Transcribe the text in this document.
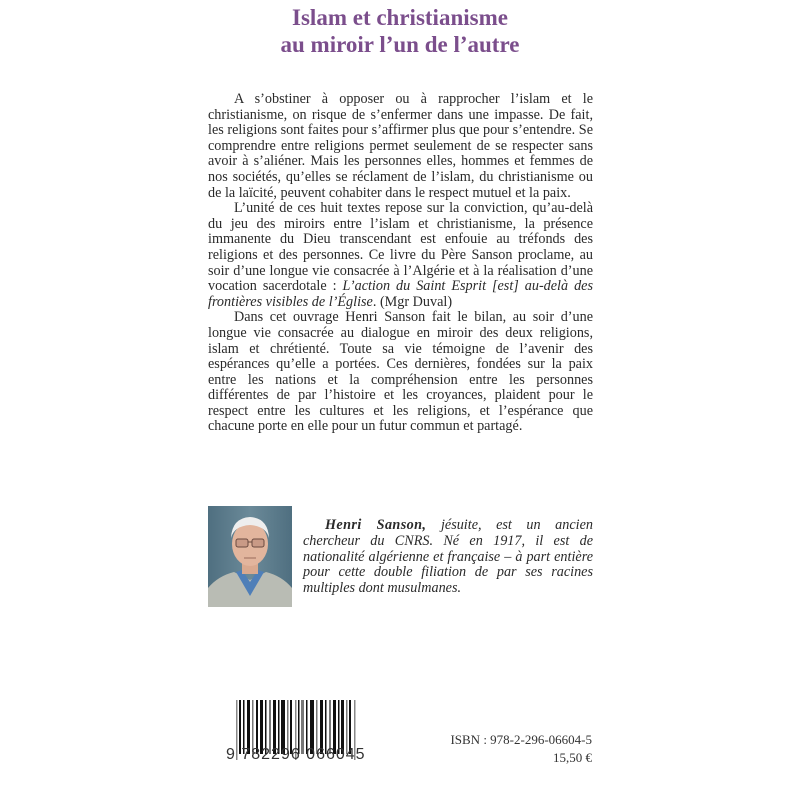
Islam et christianisme
au miroir l’un de l’autre

A s’obstiner à opposer ou à rapprocher l’islam et le christianisme, on risque de s’enfermer dans une impasse. De fait, les religions sont faites pour s’affirmer plus que pour s’entendre. Se comprendre entre religions permet seulement de se respecter sans avoir à s’aliéner. Mais les personnes elles, hommes et femmes de nos sociétés, qu’elles se réclament de l’islam, du christianisme ou de la laïcité, peuvent cohabiter dans le respect mutuel et la paix.

L’unité de ces huit textes repose sur la conviction, qu’au-delà du jeu des miroirs entre l’islam et christianisme, la présence immanente du Dieu transcendant est enfouie au tréfonds des religions et des personnes. Ce livre du Père Sanson proclame, au soir d’une longue vie consacrée à l’Algérie et à la réalisation d’une vocation sacerdotale : L’action du Saint Esprit [est] au-delà des frontières visibles de l’Église. (Mgr Duval)

Dans cet ouvrage Henri Sanson fait le bilan, au soir d’une longue vie consacrée au dialogue en miroir des deux religions, islam et chrétienté. Toute sa vie témoigne de l’avenir des espérances qu’elle a portées. Ces dernières, fondées sur la paix entre les nations et la compréhension entre les personnes différentes de par l’histoire et les croyances, plaident pour le respect entre les cultures et les religions, et l’espérance que chacune porte en elle pour un futur commun et partagé.

Henri Sanson, jésuite, est un ancien chercheur du CNRS. Né en 1917, il est de nationalité algérienne et française – à part entière pour cette double filiation de par ses racines multiples dont musulmanes.

9 782296 066045
ISBN : 978-2-296-06604-5
15,50 €
